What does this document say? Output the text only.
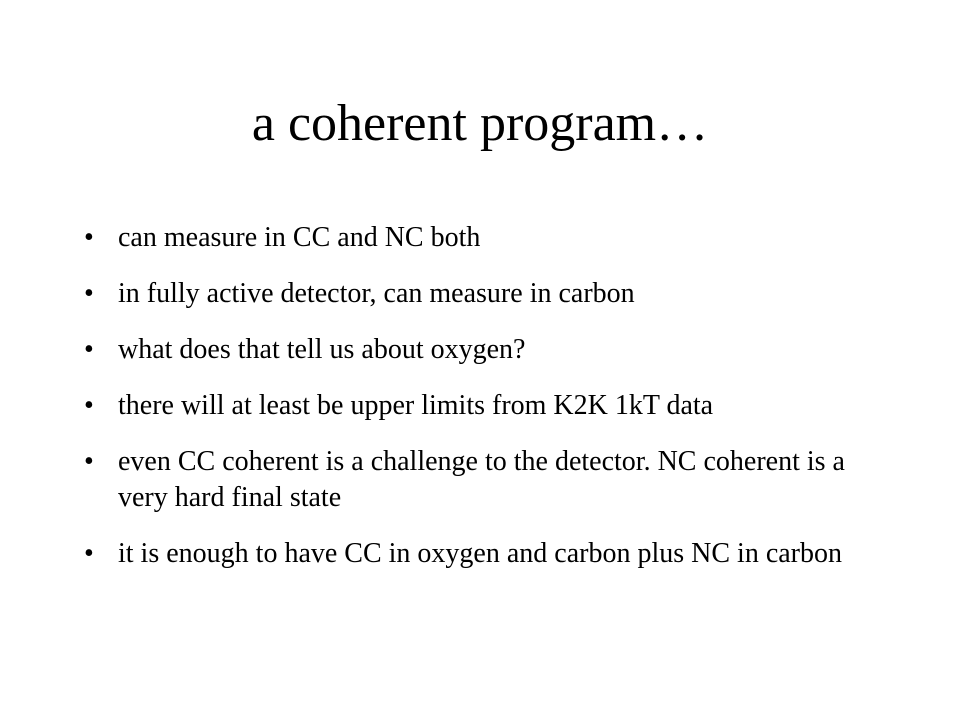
a coherent program…
• can measure in CC and NC both
• in fully active detector, can measure in carbon
• what does that tell us about oxygen?
• there will at least be upper limits from K2K 1kT data
• even CC coherent is a challenge to the detector. NC coherent is a very hard final state
• it is enough to have CC in oxygen and carbon plus NC in carbon
